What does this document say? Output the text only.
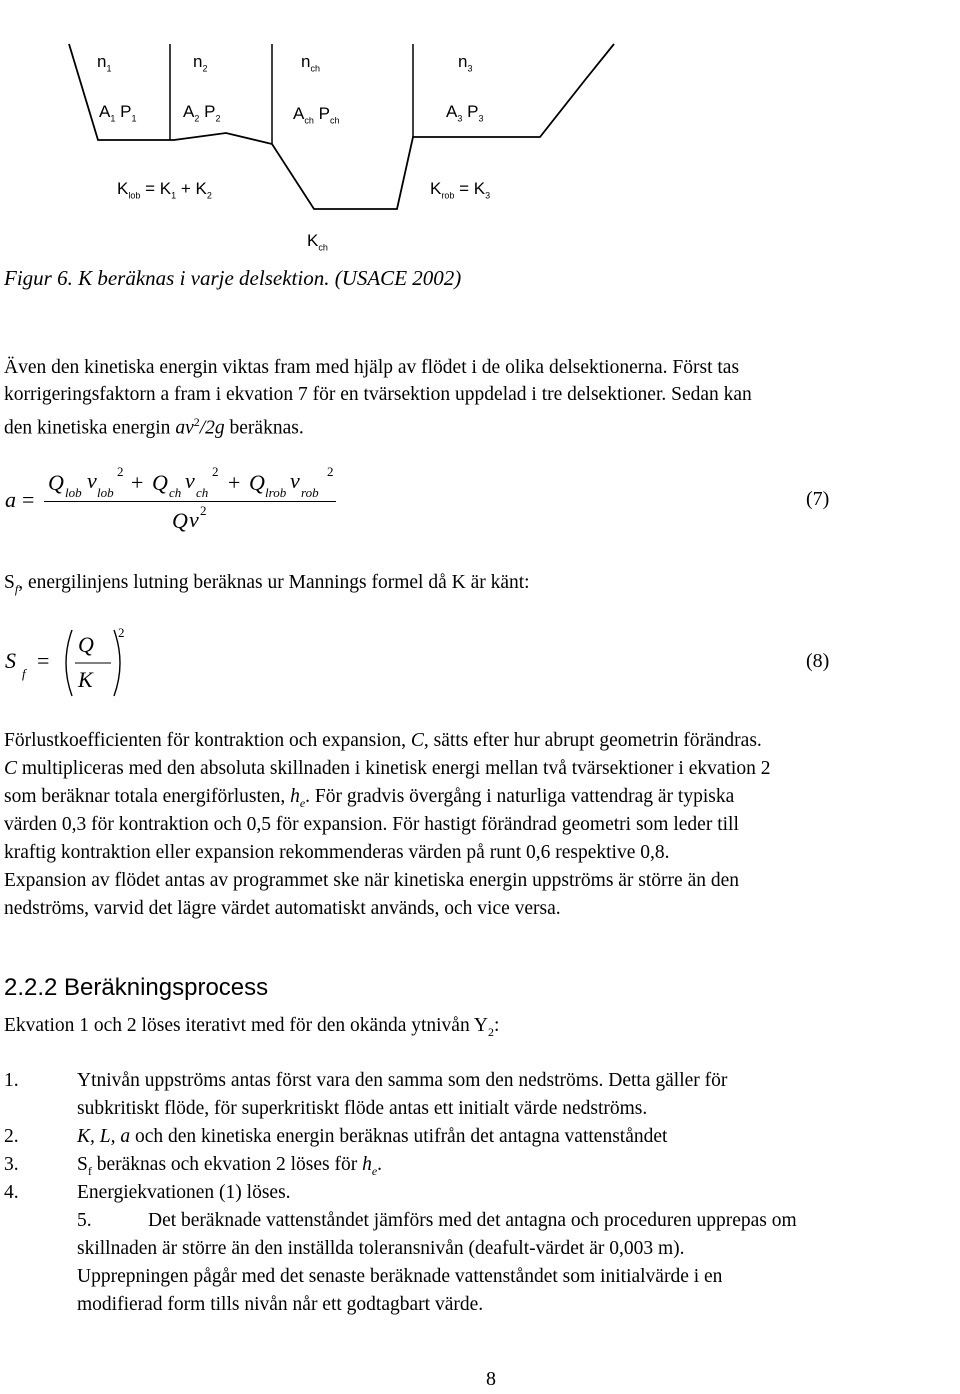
$n_1$	$n_2$	$n_{ch}$	$n_3$
$A_1$ $P_1$	$A_2$ $P_2$	$A_{ch}$ $P_{ch}$	$A_3$ $P_3$
$K_{lob} = K_1 + K_2$	$K_{rob} = K_3$
$K_{ch}$
Figur 6. K beräknas i varje delsektion. (USACE 2002)
Även den kinetiska energin viktas fram med hjälp av flödet i de olika delsektionerna. Först tas
korrigeringsfaktorn a fram i ekvation 7 för en tvärsektion uppdelad i tre delsektioner. Sedan kan
den kinetiska energin $av^2/2g$ beräknas.
a =
Q lob v lob
2 + Q ch v ch
2 + Q lrob v rob
2
Q v 2
(7)
$S_f$, energilinjens lutning beräknas ur Mannings formel då K är känt:
S
f
=
Q
K
2
(8)
Förlustkoefficienten för kontraktion och expansion, C, sätts efter hur abrupt geometrin förändras.
C multipliceras med den absoluta skillnaden i kinetisk energi mellan två tvärsektioner i ekvation 2
som beräknar totala energiförlusten, $h_e$. För gradvis övergång i naturliga vattendrag är typiska
värden 0,3 för kontraktion och 0,5 för expansion. För hastigt förändrad geometri som leder till
kraftig kontraktion eller expansion rekommenderas värden på runt 0,6 respektive 0,8.
Expansion av flödet antas av programmet ske när kinetiska energin uppströms är större än den
nedströms, varvid det lägre värdet automatiskt används, och vice versa.
2.2.2 Beräkningsprocess
Ekvation 1 och 2 löses iterativt med för den okända ytnivån $Y_2$:
1.	Ytnivån uppströms antas först vara den samma som den nedströms. Detta gäller för
subkritiskt flöde, för superkritiskt flöde antas ett initialt värde nedströms.
2.	K, L, a och den kinetiska energin beräknas utifrån det antagna vattenståndet
3.	$S_f$ beräknas och ekvation 2 löses för $h_e$.
4.	Energiekvationen (1) löses.
5.	Det beräknade vattenståndet jämförs med det antagna och proceduren upprepas om
skillnaden är större än den inställda toleransnivån (deafult-värdet är 0,003 m).
Upprepningen pågår med det senaste beräknade vattenståndet som initialvärde i en
modifierad form tills nivån når ett godtagbart värde.
8
